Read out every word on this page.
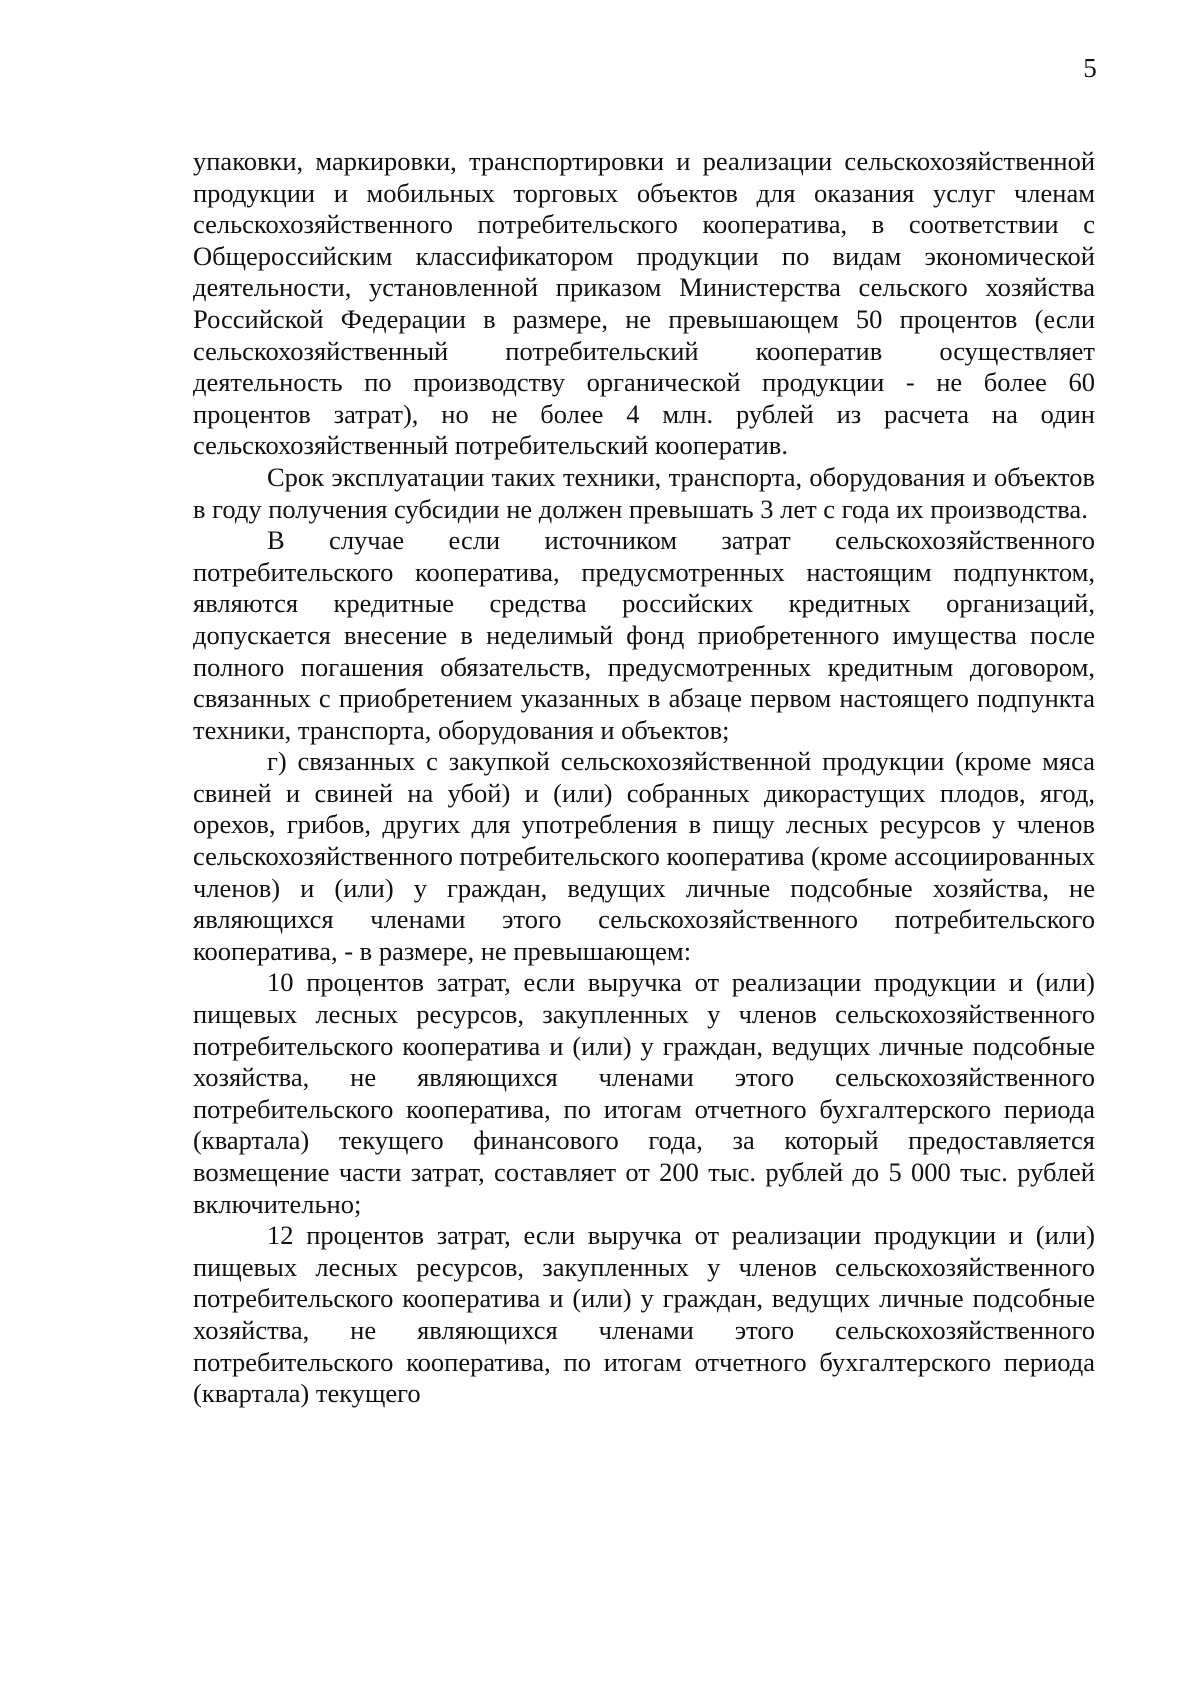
5

упаковки, маркировки, транспортировки и реализации сельскохозяйственной продукции и мобильных торговых объектов для оказания услуг членам сельскохозяйственного потребительского кооператива, в соответствии с Общероссийским классификатором продукции по видам экономической деятельности, установленной приказом Министерства сельского хозяйства Российской Федерации в размере, не превышающем 50 процентов (если сельскохозяйственный потребительский кооператив осуществляет деятельность по производству органической продукции - не более 60 процентов затрат), но не более 4 млн. рублей из расчета на один сельскохозяйственный потребительский кооператив.

Срок эксплуатации таких техники, транспорта, оборудования и объектов в году получения субсидии не должен превышать 3 лет с года их производства.

В случае если источником затрат сельскохозяйственного потребительского кооператива, предусмотренных настоящим подпунктом, являются кредитные средства российских кредитных организаций, допускается внесение в неделимый фонд приобретенного имущества после полного погашения обязательств, предусмотренных кредитным договором, связанных с приобретением указанных в абзаце первом настоящего подпункта техники, транспорта, оборудования и объектов;

г) связанных с закупкой сельскохозяйственной продукции (кроме мяса свиней и свиней на убой) и (или) собранных дикорастущих плодов, ягод, орехов, грибов, других для употребления в пищу лесных ресурсов у членов сельскохозяйственного потребительского кооператива (кроме ассоциированных членов) и (или) у граждан, ведущих личные подсобные хозяйства, не являющихся членами этого сельскохозяйственного потребительского кооператива, - в размере, не превышающем:

10 процентов затрат, если выручка от реализации продукции и (или) пищевых лесных ресурсов, закупленных у членов сельскохозяйственного потребительского кооператива и (или) у граждан, ведущих личные подсобные хозяйства, не являющихся членами этого сельскохозяйственного потребительского кооператива, по итогам отчетного бухгалтерского периода (квартала) текущего финансового года, за который предоставляется возмещение части затрат, составляет от 200 тыс. рублей до 5 000 тыс. рублей включительно;

12 процентов затрат, если выручка от реализации продукции и (или) пищевых лесных ресурсов, закупленных у членов сельскохозяйственного потребительского кооператива и (или) у граждан, ведущих личные подсобные хозяйства, не являющихся членами этого сельскохозяйственного потребительского кооператива, по итогам отчетного бухгалтерского периода (квартала) текущего
